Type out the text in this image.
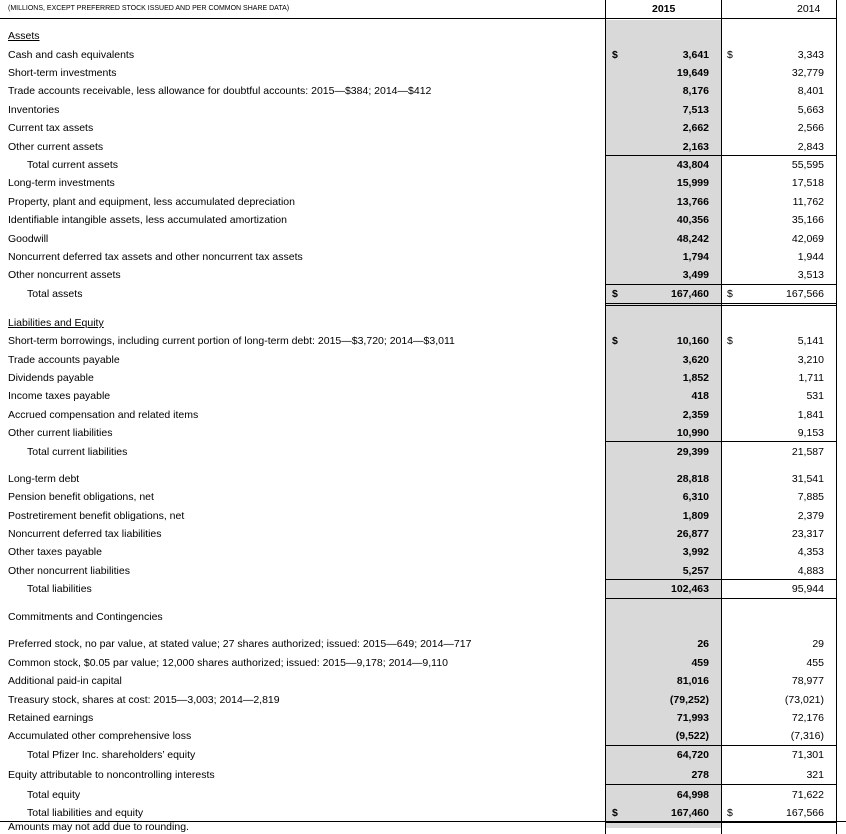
(MILLIONS, EXCEPT PREFERRED STOCK ISSUED AND PER COMMON SHARE DATA)	2015	2014
Assets
Cash and cash equivalents	$	3,641 $	3,343
Short-term investments	19,649	32,779
Trade accounts receivable, less allowance for doubtful accounts: 2015—$384; 2014—$412	8,176	8,401
Inventories	7,513	5,663
Current tax assets	2,662	2,566
Other current assets	2,163	2,843
Total current assets	43,804	55,595
Long-term investments	15,999	17,518
Property, plant and equipment, less accumulated depreciation	13,766	11,762
Identifiable intangible assets, less accumulated amortization	40,356	35,166
Goodwill	48,242	42,069
Noncurrent deferred tax assets and other noncurrent tax assets	1,794	1,944
Other noncurrent assets	3,499	3,513
Total assets	$	167,460 $	167,566
Liabilities and Equity
Short-term borrowings, including current portion of long-term debt: 2015—$3,720; 2014—$3,011	$	10,160 $	5,141
Trade accounts payable	3,620	3,210
Dividends payable	1,852	1,711
Income taxes payable	418	531
Accrued compensation and related items	2,359	1,841
Other current liabilities	10,990	9,153
Total current liabilities	29,399	21,587
Long-term debt	28,818	31,541
Pension benefit obligations, net	6,310	7,885
Postretirement benefit obligations, net	1,809	2,379
Noncurrent deferred tax liabilities	26,877	23,317
Other taxes payable	3,992	4,353
Other noncurrent liabilities	5,257	4,883
Total liabilities	102,463	95,944
Commitments and Contingencies
Preferred stock, no par value, at stated value; 27 shares authorized; issued: 2015—649; 2014—717	26	29
Common stock, $0.05 par value; 12,000 shares authorized; issued: 2015—9,178; 2014—9,110	459	455
Additional paid-in capital	81,016	78,977
Treasury stock, shares at cost: 2015—3,003; 2014—2,819	(79,252)	(73,021)
Retained earnings	71,993	72,176
Accumulated other comprehensive loss	(9,522)	(7,316)
Total Pfizer Inc. shareholders’ equity	64,720	71,301
Equity attributable to noncontrolling interests	278	321
Total equity	64,998	71,622
Total liabilities and equity	$	167,460 $	167,566
Amounts may not add due to rounding.
